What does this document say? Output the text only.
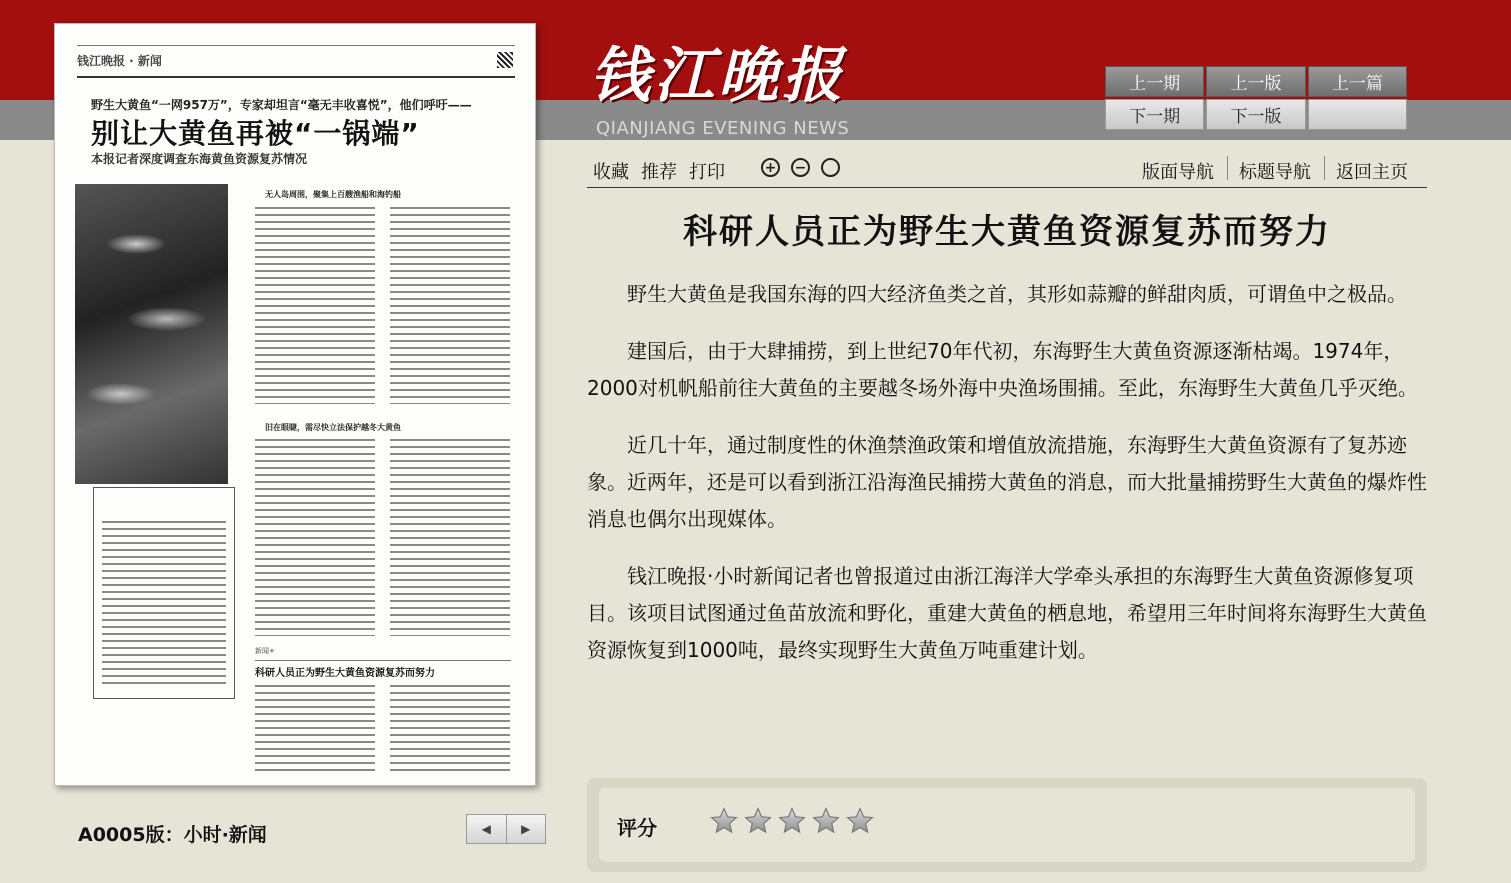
钱江晚报
QIANJIANG EVENING NEWS
上一期	上一版	上一篇
下一期	下一版
钱江晚报 · 新闻
野生大黄鱼“一网957万”，专家却坦言“毫无丰收喜悦”，他们呼吁——
别让大黄鱼再被“一锅端”
本报记者深度调查东海黄鱼资源复苏情况
无人岛周围，聚集上百艘渔船和海钓船
旧在眼睫，需尽快立法保护越冬大黄鱼
新闻+
科研人员正为野生大黄鱼资源复苏而努力
A0005版：小时·新闻	◀	▶
收藏 推荐 打印	+ −	版面导航 标题导航 返回主页
科研人员正为野生大黄鱼资源复苏而努力

野生大黄鱼是我国东海的四大经济鱼类之首，其形如蒜瓣的鲜甜肉质，可谓鱼中之极品。

建国后，由于大肆捕捞，到上世纪70年代初，东海野生大黄鱼资源逐渐枯竭。1974年，2000对机帆船前往大黄鱼的主要越冬场外海中央渔场围捕。至此，东海野生大黄鱼几乎灭绝。

近几十年，通过制度性的休渔禁渔政策和增值放流措施，东海野生大黄鱼资源有了复苏迹象。近两年，还是可以看到浙江沿海渔民捕捞大黄鱼的消息，而大批量捕捞野生大黄鱼的爆炸性消息也偶尔出现媒体。

钱江晚报·小时新闻记者也曾报道过由浙江海洋大学牵头承担的东海野生大黄鱼资源修复项目。该项目试图通过鱼苗放流和野化，重建大黄鱼的栖息地，希望用三年时间将东海野生大黄鱼资源恢复到1000吨，最终实现野生大黄鱼万吨重建计划。

评分
